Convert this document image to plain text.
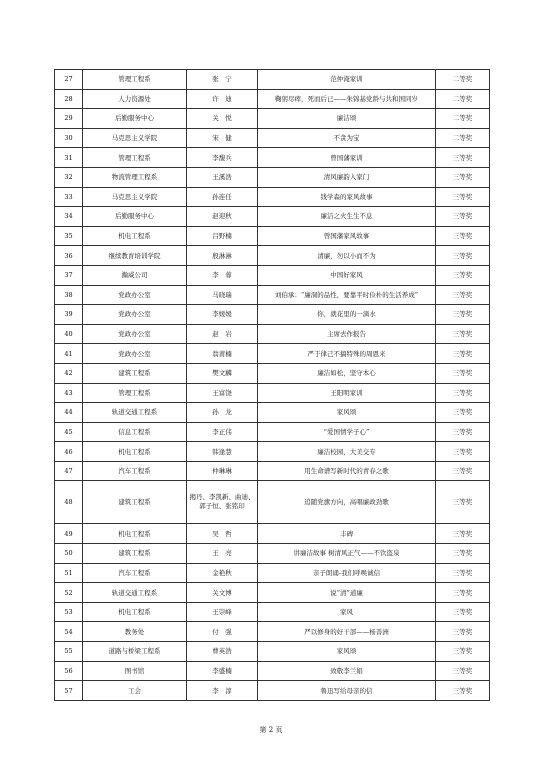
27	管理工程系	张　宁	范仲淹家训	二等奖
28	人力资源处	许　迪	鞠躬尽瘁，死而后已——朱锦基党龄与共和国同岁	二等奖
29	后勤服务中心	关　悦	廉洁颂	二等奖
30	马克思主义学院	宋　健	不贪为宝	二等奖
31	管理工程系	李馥兵	曾国藩家训	三等奖
32	物流管理工程系	王溪浩	清风廉韵入家门	三等奖
33	马克思主义学院	孙连任	钱学森的家风故事	三等奖
34	后勤服务中心	赵迎秋	廉洁之火生生不息	三等奖
35	机电工程系	吕野楠	曾国藩家风故事	三等奖
36	继续教育培训学院	殷淋淋	清廉，勿以小而不为	三等奖
37	瀚威公司	李　蓉	中国好家风	三等奖
38	党政办公室	马晓瑞	刘伯承：“廉洞的品性，要靠平时俭朴的生活养成”	三等奖
39	党政办公室	李媛媛	你，就花里的一滴水	三等奖
40	党政办公室	赵　岩	主席去作报告	三等奖
41	党政办公室	翁莆楠	严于律己不搞特殊的周恩来	三等奖
42	建筑工程系	樊文麟	廉洁如松，坚守本心	三等奖
43	管理工程系	王富饶	王阳明家训	三等奖
44	轨道交通工程系	孙　龙	家风颂	三等奖
45	信息工程系	李正伟	“爱国情学子心”	三等奖
46	机电工程系	韩逢慧	廉洁校园，大美交专	三等奖
47	汽车工程系	仲琳琳	用生命谱写新时代的青春之歌	三等奖
48	建筑工程系	揭丹、李凯新、曲迪、郭子恒、张铭印	追随党旗方向，高唱廉政劲歌	三等奖
49	机电工程系	吴　哲	丰碑	三等奖
50	建筑工程系	王　亮	讲廉洁故事 树清风正气——不饮盗泉	三等奖
51	汽车工程系	金艳秋	亲子朗诵-我们呼唤诚信	三等奖
52	轨道交通工程系	关文博	说“清”道廉	三等奖
53	机电工程系	王崇峰	家风	三等奖
54	教务处	付　强	严以修身的好干部——杨善洲	三等奖
55	道路与桥梁工程系	曹英浩	家风颂	三等奖
56	图书馆	李盛楠	致敬李兰娟	三等奖
57	工会	李　淳	鲁迅写给母亲的信	三等奖
第 2 页
